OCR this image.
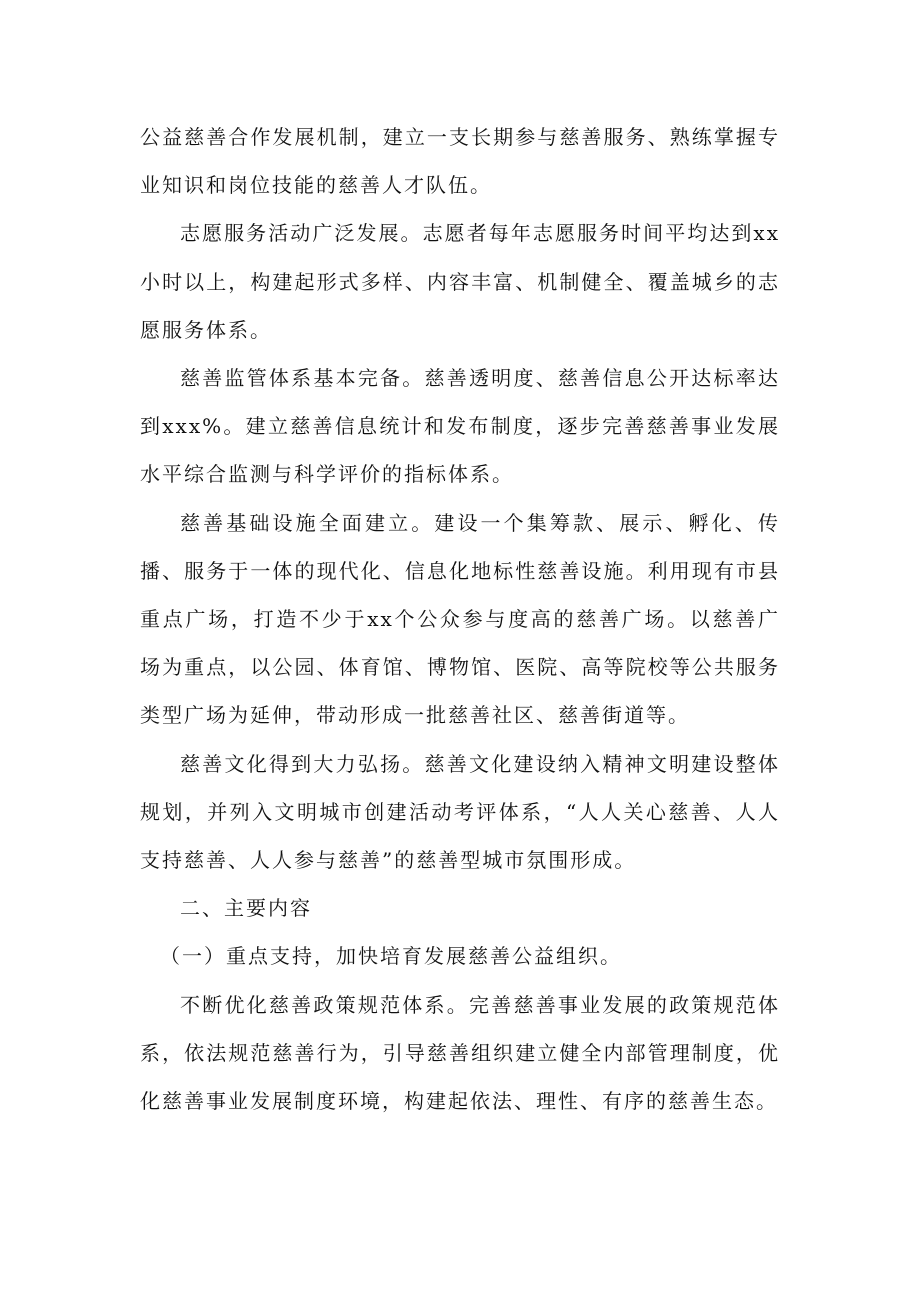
公益慈善合作发展机制，建立一支长期参与慈善服务、熟练掌握专业知识和岗位技能的慈善人才队伍。

志愿服务活动广泛发展。志愿者每年志愿服务时间平均达到xx小时以上，构建起形式多样、内容丰富、机制健全、覆盖城乡的志愿服务体系。

慈善监管体系基本完备。慈善透明度、慈善信息公开达标率达到xxx%。建立慈善信息统计和发布制度，逐步完善慈善事业发展水平综合监测与科学评价的指标体系。

慈善基础设施全面建立。建设一个集筹款、展示、孵化、传播、服务于一体的现代化、信息化地标性慈善设施。利用现有市县重点广场，打造不少于xx个公众参与度高的慈善广场。以慈善广场为重点，以公园、体育馆、博物馆、医院、高等院校等公共服务类型广场为延伸，带动形成一批慈善社区、慈善街道等。

慈善文化得到大力弘扬。慈善文化建设纳入精神文明建设整体规划，并列入文明城市创建活动考评体系，“人人关心慈善、人人支持慈善、人人参与慈善”的慈善型城市氛围形成。

二、主要内容

（一）重点支持，加快培育发展慈善公益组织。

不断优化慈善政策规范体系。完善慈善事业发展的政策规范体系，依法规范慈善行为，引导慈善组织建立健全内部管理制度，优化慈善事业发展制度环境，构建起依法、理性、有序的慈善生态。
